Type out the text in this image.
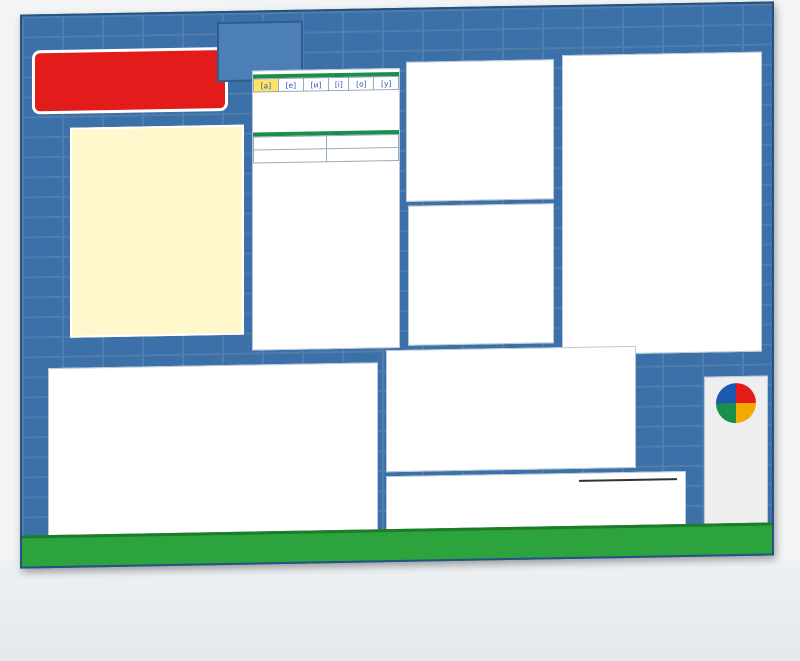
[а]	[е]	[и]	[і]	[о]	[у]
